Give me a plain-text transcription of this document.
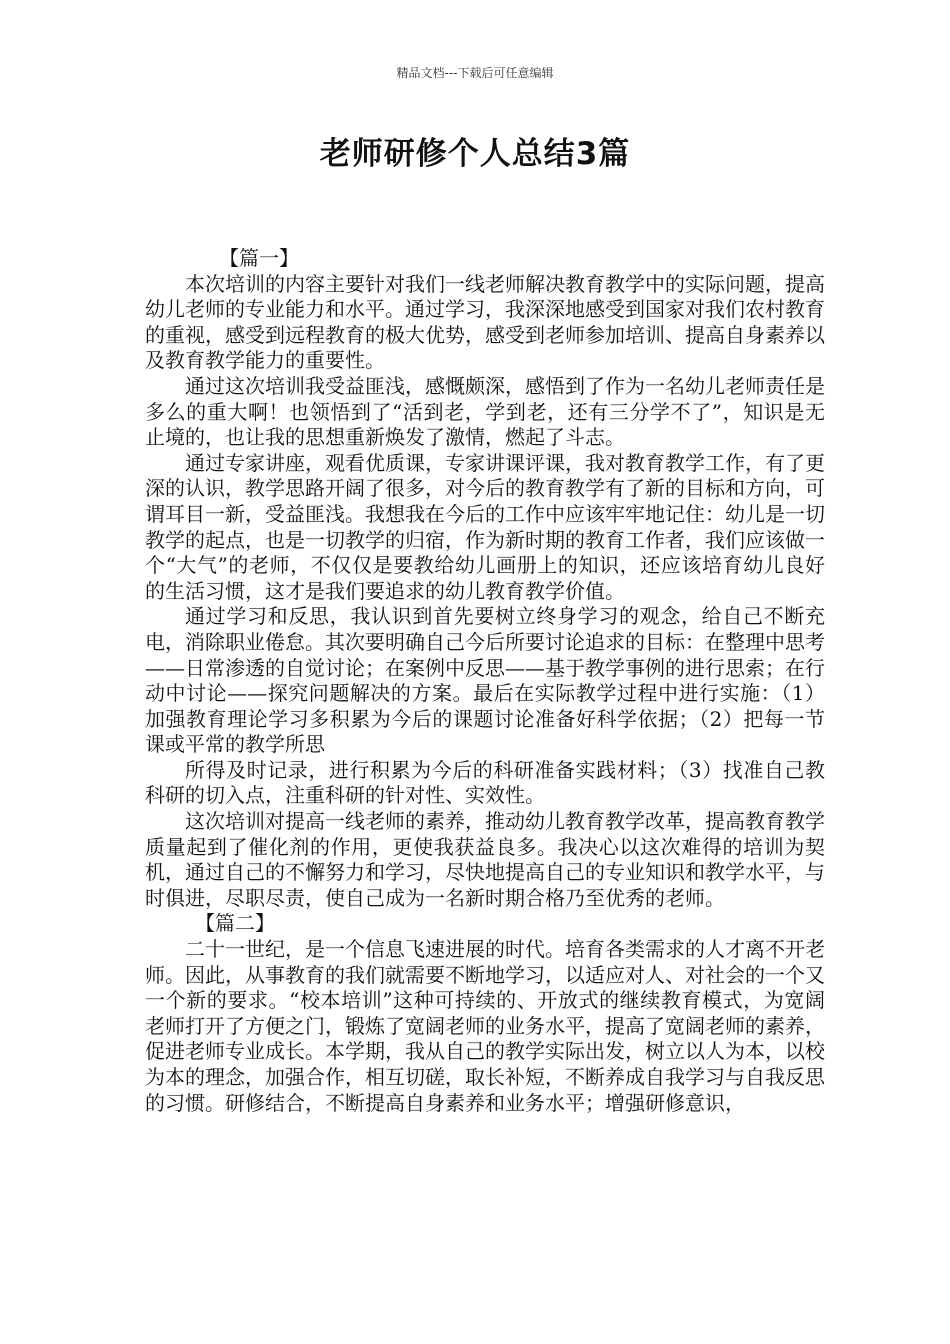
精品文档---下载后可任意编辑
老师研修个人总结3篇

【篇一】

本次培训的内容主要针对我们一线老师解决教育教学中的实际问题，提高幼儿老师的专业能力和水平。通过学习，我深深地感受到国家对我们农村教育的重视，感受到远程教育的极大优势，感受到老师参加培训、提高自身素养以及教育教学能力的重要性。

通过这次培训我受益匪浅，感慨颇深，感悟到了作为一名幼儿老师责任是多么的重大啊！也领悟到了“活到老，学到老，还有三分学不了”，知识是无止境的，也让我的思想重新焕发了激情，燃起了斗志。

通过专家讲座，观看优质课，专家讲课评课，我对教育教学工作，有了更深的认识，教学思路开阔了很多，对今后的教育教学有了新的目标和方向，可谓耳目一新，受益匪浅。我想我在今后的工作中应该牢牢地记住：幼儿是一切教学的起点，也是一切教学的归宿，作为新时期的教育工作者，我们应该做一个“大气”的老师，不仅仅是要教给幼儿画册上的知识，还应该培育幼儿良好的生活习惯，这才是我们要追求的幼儿教育教学价值。

通过学习和反思，我认识到首先要树立终身学习的观念，给自己不断充电，消除职业倦怠。其次要明确自己今后所要讨论追求的目标：在整理中思考——日常渗透的自觉讨论；在案例中反思——基于教学事例的进行思索；在行动中讨论——探究问题解决的方案。最后在实际教学过程中进行实施：（1）加强教育理论学习多积累为今后的课题讨论准备好科学依据；（2）把每一节课或平常的教学所思

所得及时记录，进行积累为今后的科研准备实践材料；（3）找准自己教科研的切入点，注重科研的针对性、实效性。

这次培训对提高一线老师的素养，推动幼儿教育教学改革，提高教育教学质量起到了催化剂的作用，更使我获益良多。我决心以这次难得的培训为契机，通过自己的不懈努力和学习，尽快地提高自己的专业知识和教学水平，与时俱进，尽职尽责，使自己成为一名新时期合格乃至优秀的老师。

【篇二】

二十一世纪，是一个信息飞速进展的时代。培育各类需求的人才离不开老师。因此，从事教育的我们就需要不断地学习，以适应对人、对社会的一个又一个新的要求。“校本培训”这种可持续的、开放式的继续教育模式，为宽阔老师打开了方便之门，锻炼了宽阔老师的业务水平，提高了宽阔老师的素养，促进老师专业成长。本学期，我从自己的教学实际出发，树立以人为本，以校为本的理念，加强合作，相互切磋，取长补短，不断养成自我学习与自我反思的习惯。研修结合，不断提高自身素养和业务水平；增强研修意识，
